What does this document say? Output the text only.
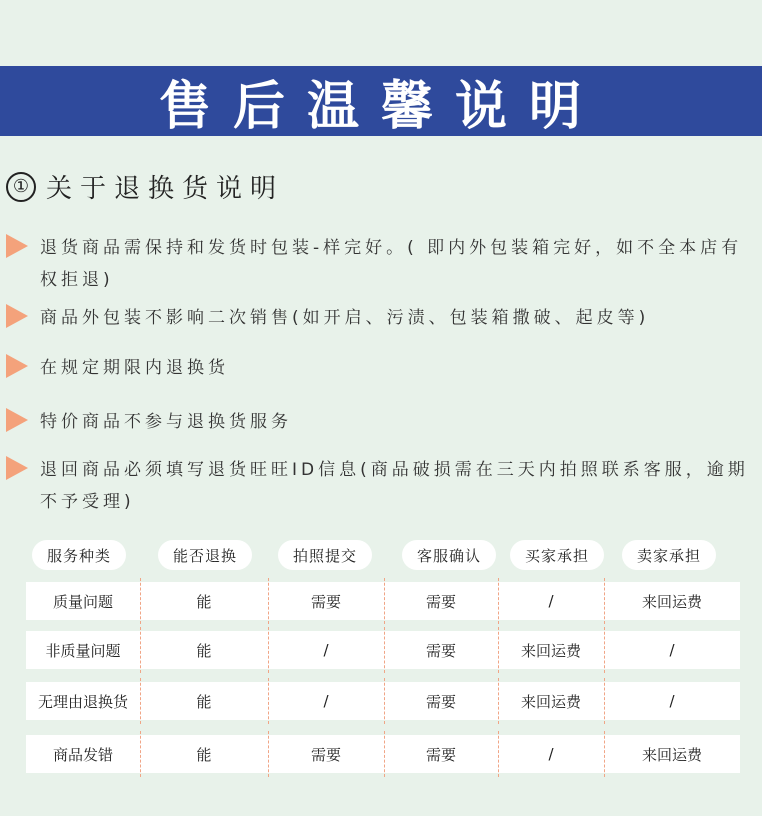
售后温馨说明
① 关于退换货说明
退货商品需保持和发货时包装-样完好。( 即内外包装箱完好，如不全本店有权拒退)
商品外包装不影响二次销售(如开启、污渍、包装箱撒破、起皮等)
在规定期限内退换货
特价商品不参与退换货服务
退回商品必须填写退货旺旺ID信息(商品破损需在三天内拍照联系客服，逾期不予受理)
服务种类	能否退换	拍照提交	客服确认	买家承担	卖家承担
质量问题	能	需要	需要	/	来回运费
非质量问题	能	/	需要	来回运费	/
无理由退换货	能	/	需要	来回运费	/
商品发错	能	需要	需要	/	来回运费
